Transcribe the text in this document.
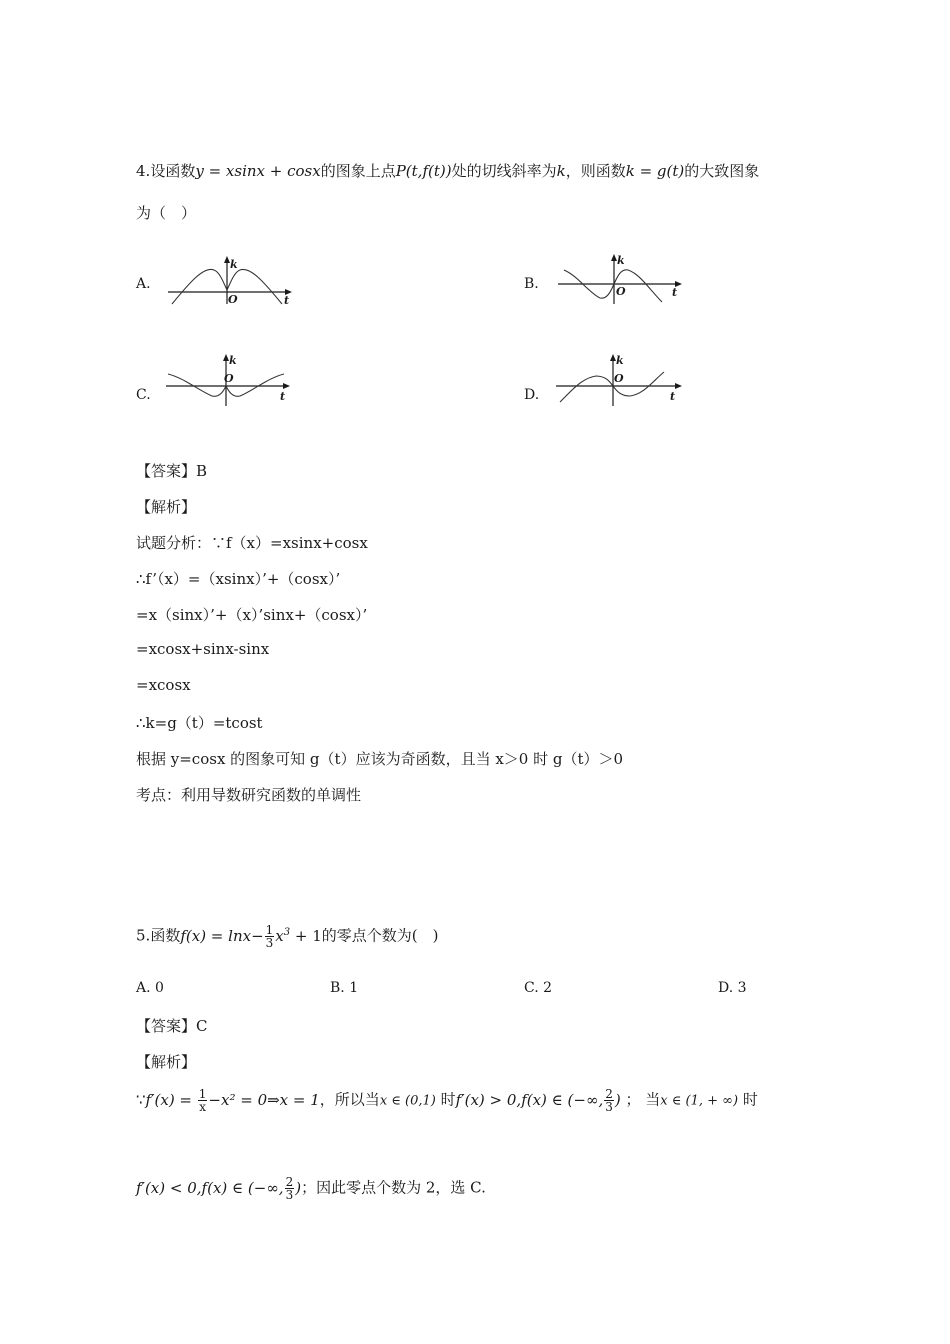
4.设函数y = xsinx + cosx的图象上点P(t,f(t))处的切线斜率为k，则函数k = g(t)的大致图象
为（　）
A.
k
O	t
B.
k
O	t
C.
k
O
t	D.
k
O
t
【答案】B
【解析】
试题分析：∵f（x）=xsinx+cosx
∴f’（x）=（xsinx）’+（cosx）’
=x（sinx）’+（x）’sinx+（cosx）’
=xcosx+sinx-sinx
=xcosx
∴k=g（t）=tcost
根据 y=cosx 的图象可知 g（t）应该为奇函数，且当 x＞0 时 g（t）＞0
考点：利用导数研究函数的单调性
5.函数$f(x) = \ln x- \frac{1}{3} x^3 + 1$的零点个数为(　)
A. 0	B. 1	C. 2	D. 3
【答案】C
【解析】
∵f′(x) = $\frac{1}{x} -x^2$ = 0⇒x = 1，所以当x ∈ (0,1) 时f′(x) > 0,f(x) ∈ (−∞, $\frac{2}{3}$ ) ； 当x ∈ (1, + ∞) 时
f′(x) < 0,f(x) ∈ (−∞, $\frac{2}{3}$ )；因此零点个数为 2，选 C.
